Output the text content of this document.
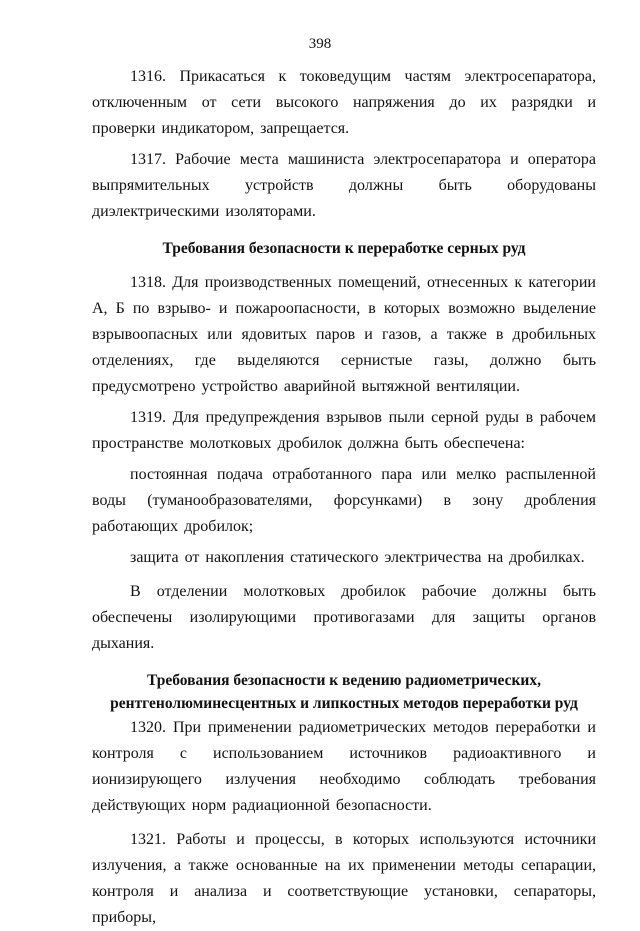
398

1316. Прикасаться к токоведущим частям электросепаратора, отключенным от сети высокого напряжения до их разрядки и проверки индикатором, запрещается.

1317. Рабочие места машиниста электросепаратора и оператора выпрямительных устройств должны быть оборудованы диэлектрическими изоляторами.

Требования безопасности к переработке серных руд

1318. Для производственных помещений, отнесенных к категории А, Б по взрыво- и пожароопасности, в которых возможно выделение взрывоопасных или ядовитых паров и газов, а также в дробильных отделениях, где выделяются сернистые газы, должно быть предусмотрено устройство аварийной вытяжной вентиляции.

1319. Для предупреждения взрывов пыли серной руды в рабочем пространстве молотковых дробилок должна быть обеспечена:

постоянная подача отработанного пара или мелко распыленной воды (туманообразователями, форсунками) в зону дробления работающих дробилок;

защита от накопления статического электричества на дробилках.

В отделении молотковых дробилок рабочие должны быть обеспечены изолирующими противогазами для защиты органов дыхания.

Требования безопасности к ведению радиометрических,
рентгенолюминесцентных и липкостных методов переработки руд

1320. При применении радиометрических методов переработки и контроля с использованием источников радиоактивного и ионизирующего излучения необходимо соблюдать требования действующих норм радиационной безопасности.

1321. Работы и процессы, в которых используются источники излучения, а также основанные на их применении методы сепарации, контроля и анализа и соответствующие установки, сепараторы, приборы,
